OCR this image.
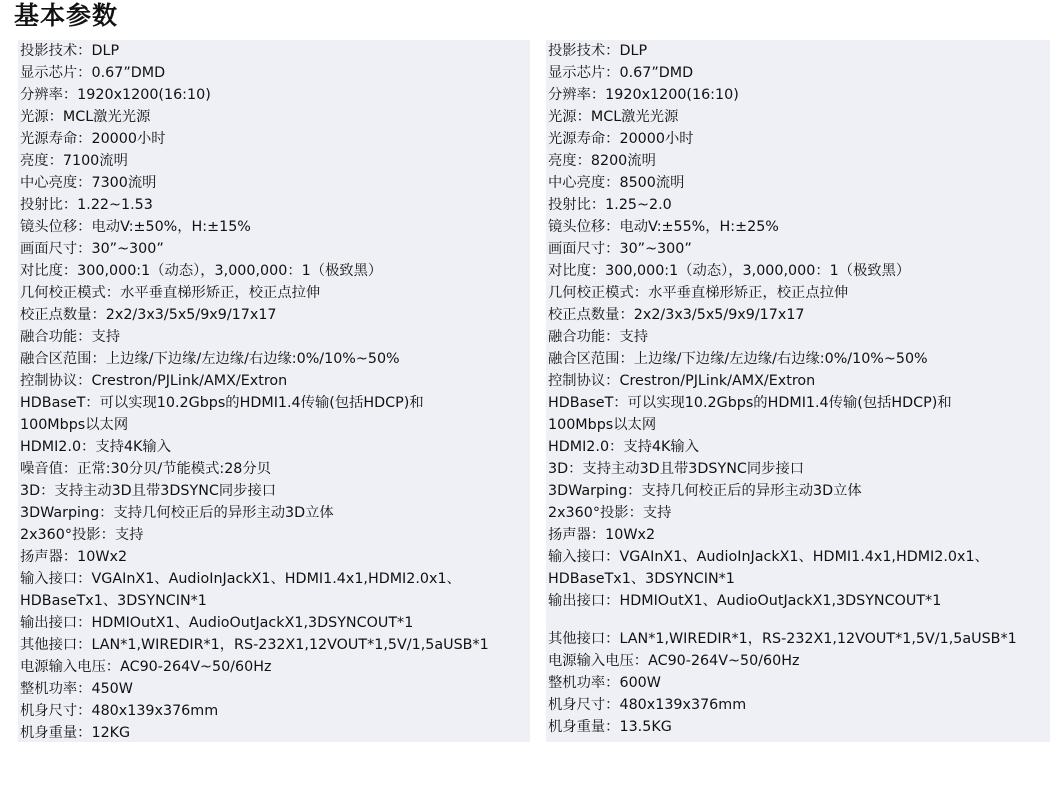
基本参数
投影技术：DLP
显示芯片：0.67”DMD
分辨率：1920x1200(16:10)
光源：MCL激光光源
光源寿命：20000小时
亮度：7100流明
中心亮度：7300流明
投射比：1.22~1.53
镜头位移：电动V:±50%，H:±15%
画面尺寸：30”~300”
对比度：300,000:1（动态），3,000,000：1（极致黑）
几何校正模式：水平垂直梯形矫正，校正点拉伸
校正点数量：2x2/3x3/5x5/9x9/17x17
融合功能：支持
融合区范围：上边缘/下边缘/左边缘/右边缘:0%/10%~50%
控制协议：Crestron/PJLink/AMX/Extron
HDBaseT：可以实现10.2Gbps的HDMI1.4传输(包括HDCP)和
100Mbps以太网
HDMI2.0：支持4K输入
噪音值：正常:30分贝/节能模式:28分贝
3D：支持主动3D且带3DSYNC同步接口
3DWarping：支持几何校正后的异形主动3D立体
2x360°投影：支持
扬声器：10Wx2
输入接口：VGAInX1、AudioInJackX1、HDMI1.4x1,HDMI2.0x1、
HDBaseTx1、3DSYNCIN*1
输出接口：HDMIOutX1、AudioOutJackX1,3DSYNCOUT*1
其他接口：LAN*1,WIREDIR*1，RS-232X1,12VOUT*1,5V/1,5aUSB*1
电源输入电压：AC90-264V~50/60Hz
整机功率：450W
机身尺寸：480x139x376mm
机身重量：12KG
投影技术：DLP
显示芯片：0.67”DMD
分辨率：1920x1200(16:10)
光源：MCL激光光源
光源寿命：20000小时
亮度：8200流明
中心亮度：8500流明
投射比：1.25~2.0
镜头位移：电动V:±55%，H:±25%
画面尺寸：30”~300”
对比度：300,000:1（动态），3,000,000：1（极致黑）
几何校正模式：水平垂直梯形矫正，校正点拉伸
校正点数量：2x2/3x3/5x5/9x9/17x17
融合功能：支持
融合区范围：上边缘/下边缘/左边缘/右边缘:0%/10%~50%
控制协议：Crestron/PJLink/AMX/Extron
HDBaseT：可以实现10.2Gbps的HDMI1.4传输(包括HDCP)和
100Mbps以太网
HDMI2.0：支持4K输入
3D：支持主动3D且带3DSYNC同步接口
3DWarping：支持几何校正后的异形主动3D立体
2x360°投影：支持
扬声器：10Wx2
输入接口：VGAInX1、AudioInJackX1、HDMI1.4x1,HDMI2.0x1、
HDBaseTx1、3DSYNCIN*1
输出接口：HDMIOutX1、AudioOutJackX1,3DSYNCOUT*1
其他接口：LAN*1,WIREDIR*1，RS-232X1,12VOUT*1,5V/1,5aUSB*1
电源输入电压：AC90-264V~50/60Hz
整机功率：600W
机身尺寸：480x139x376mm
机身重量：13.5KG
